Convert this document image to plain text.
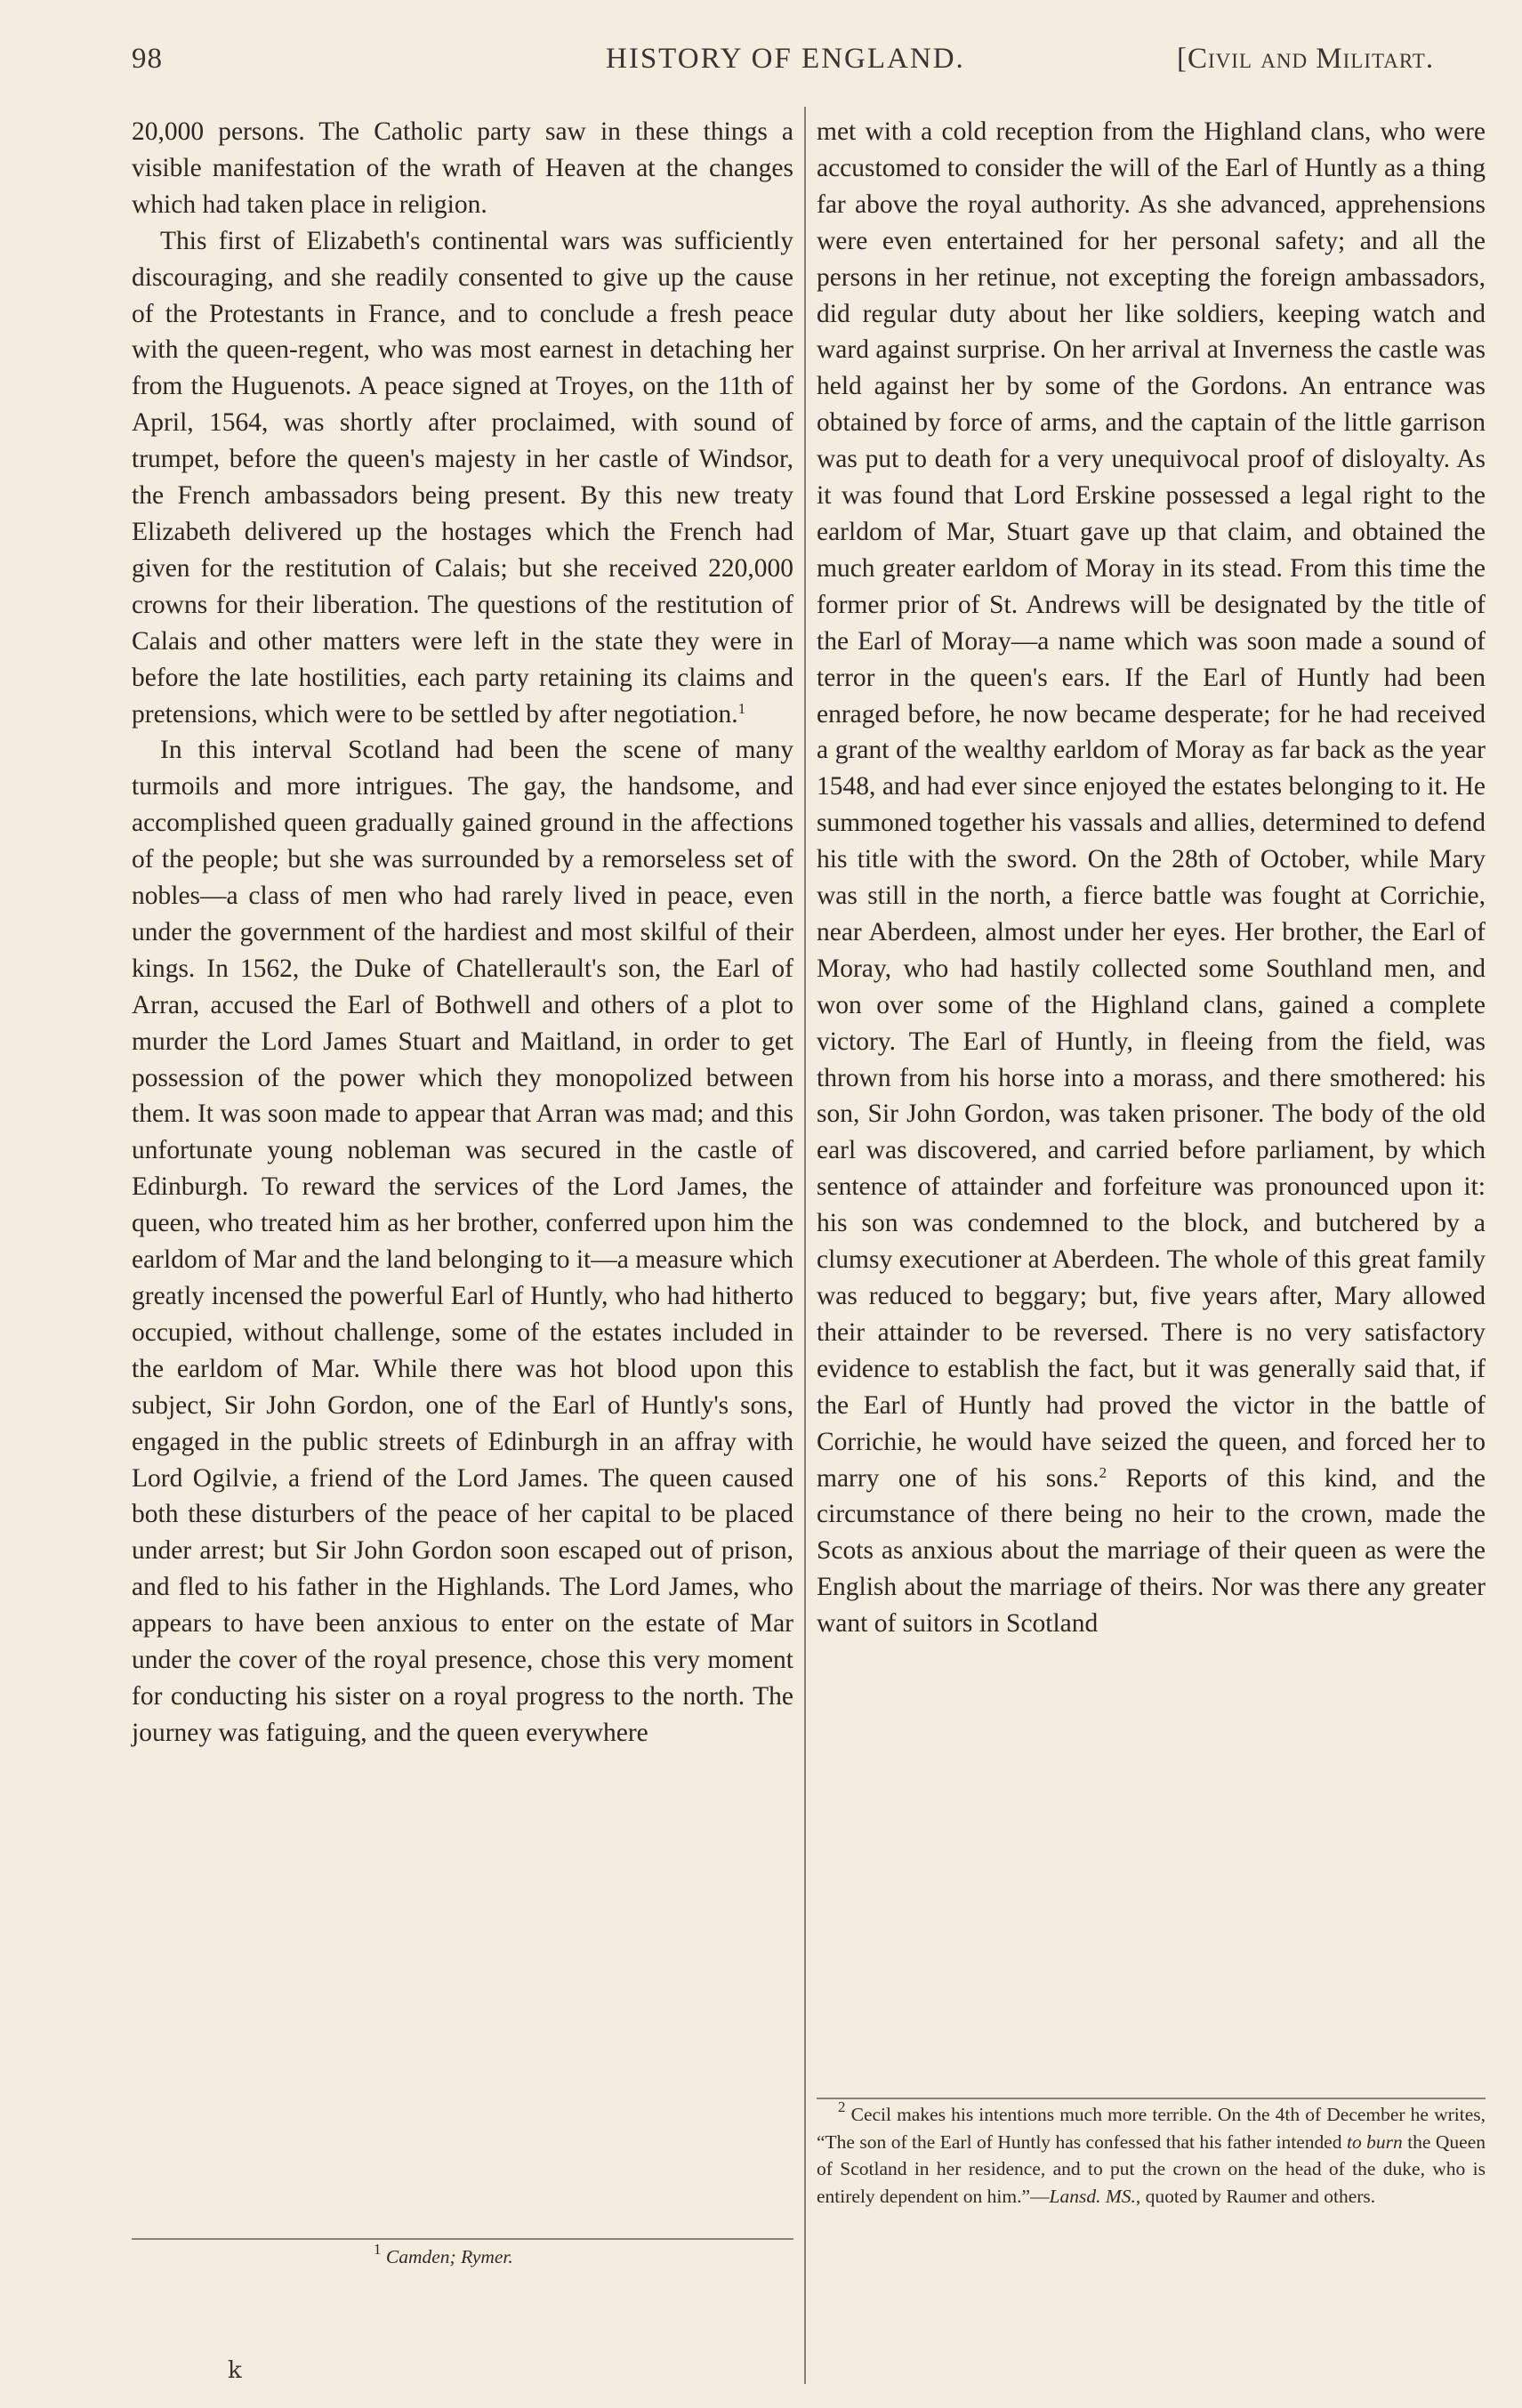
98	HISTORY OF ENGLAND.	[Civil and Militart.

20,000 persons. The Catholic party saw in these things a visible manifestation of the wrath of Heaven at the changes which had taken place in religion.

This first of Elizabeth's continental wars was sufficiently discouraging, and she readily consented to give up the cause of the Protestants in France, and to conclude a fresh peace with the queen-regent, who was most earnest in detaching her from the Huguenots. A peace signed at Troyes, on the 11th of April, 1564, was shortly after proclaimed, with sound of trumpet, before the queen's majesty in her castle of Windsor, the French ambassadors being present. By this new treaty Elizabeth delivered up the hostages which the French had given for the restitution of Calais; but she received 220,000 crowns for their liberation. The questions of the restitution of Calais and other matters were left in the state they were in before the late hostilities, each party retaining its claims and pretensions, which were to be settled by after negotiation.$^1$

In this interval Scotland had been the scene of many turmoils and more intrigues. The gay, the handsome, and accomplished queen gradually gained ground in the affections of the people; but she was surrounded by a remorseless set of nobles—a class of men who had rarely lived in peace, even under the government of the hardiest and most skilful of their kings. In 1562, the Duke of Chatellerault's son, the Earl of Arran, accused the Earl of Bothwell and others of a plot to murder the Lord James Stuart and Maitland, in order to get possession of the power which they monopolized between them. It was soon made to appear that Arran was mad; and this unfortunate young nobleman was secured in the castle of Edinburgh. To reward the services of the Lord James, the queen, who treated him as her brother, conferred upon him the earldom of Mar and the land belonging to it—a measure which greatly incensed the powerful Earl of Huntly, who had hitherto occupied, without challenge, some of the estates included in the earldom of Mar. While there was hot blood upon this subject, Sir John Gordon, one of the Earl of Huntly's sons, engaged in the public streets of Edinburgh in an affray with Lord Ogilvie, a friend of the Lord James. The queen caused both these disturbers of the peace of her capital to be placed under arrest; but Sir John Gordon soon escaped out of prison, and fled to his father in the Highlands. The Lord James, who appears to have been anxious to enter on the estate of Mar under the cover of the royal presence, chose this very moment for conducting his sister on a royal progress to the north. The journey was fatiguing, and the queen everywhere

met with a cold reception from the Highland clans, who were accustomed to consider the will of the Earl of Huntly as a thing far above the royal authority. As she advanced, apprehensions were even entertained for her personal safety; and all the persons in her retinue, not excepting the foreign ambassadors, did regular duty about her like soldiers, keeping watch and ward against surprise. On her arrival at Inverness the castle was held against her by some of the Gordons. An entrance was obtained by force of arms, and the captain of the little garrison was put to death for a very unequivocal proof of disloyalty. As it was found that Lord Erskine possessed a legal right to the earldom of Mar, Stuart gave up that claim, and obtained the much greater earldom of Moray in its stead. From this time the former prior of St. Andrews will be designated by the title of the Earl of Moray—a name which was soon made a sound of terror in the queen's ears. If the Earl of Huntly had been enraged before, he now became desperate; for he had received a grant of the wealthy earldom of Moray as far back as the year 1548, and had ever since enjoyed the estates belonging to it. He summoned together his vassals and allies, determined to defend his title with the sword. On the 28th of October, while Mary was still in the north, a fierce battle was fought at Corrichie, near Aberdeen, almost under her eyes. Her brother, the Earl of Moray, who had hastily collected some Southland men, and won over some of the Highland clans, gained a complete victory. The Earl of Huntly, in fleeing from the field, was thrown from his horse into a morass, and there smothered: his son, Sir John Gordon, was taken prisoner. The body of the old earl was discovered, and carried before parliament, by which sentence of attainder and forfeiture was pronounced upon it: his son was condemned to the block, and butchered by a clumsy executioner at Aberdeen. The whole of this great family was reduced to beggary; but, five years after, Mary allowed their attainder to be reversed. There is no very satisfactory evidence to establish the fact, but it was generally said that, if the Earl of Huntly had proved the victor in the battle of Corrichie, he would have seized the queen, and forced her to marry one of his sons.$^2$ Reports of this kind, and the circumstance of there being no heir to the crown, made the Scots as anxious about the marriage of their queen as were the English about the marriage of theirs. Nor was there any greater want of suitors in Scotland

$^1$ Camden; Rymer.

$^2$ Cecil makes his intentions much more terrible. On the 4th of December he writes, “The son of the Earl of Huntly has confessed that his father intended to burn the Queen of Scotland in her residence, and to put the crown on the head of the duke, who is entirely dependent on him.”—Lansd. MS., quoted by Raumer and others.

k
